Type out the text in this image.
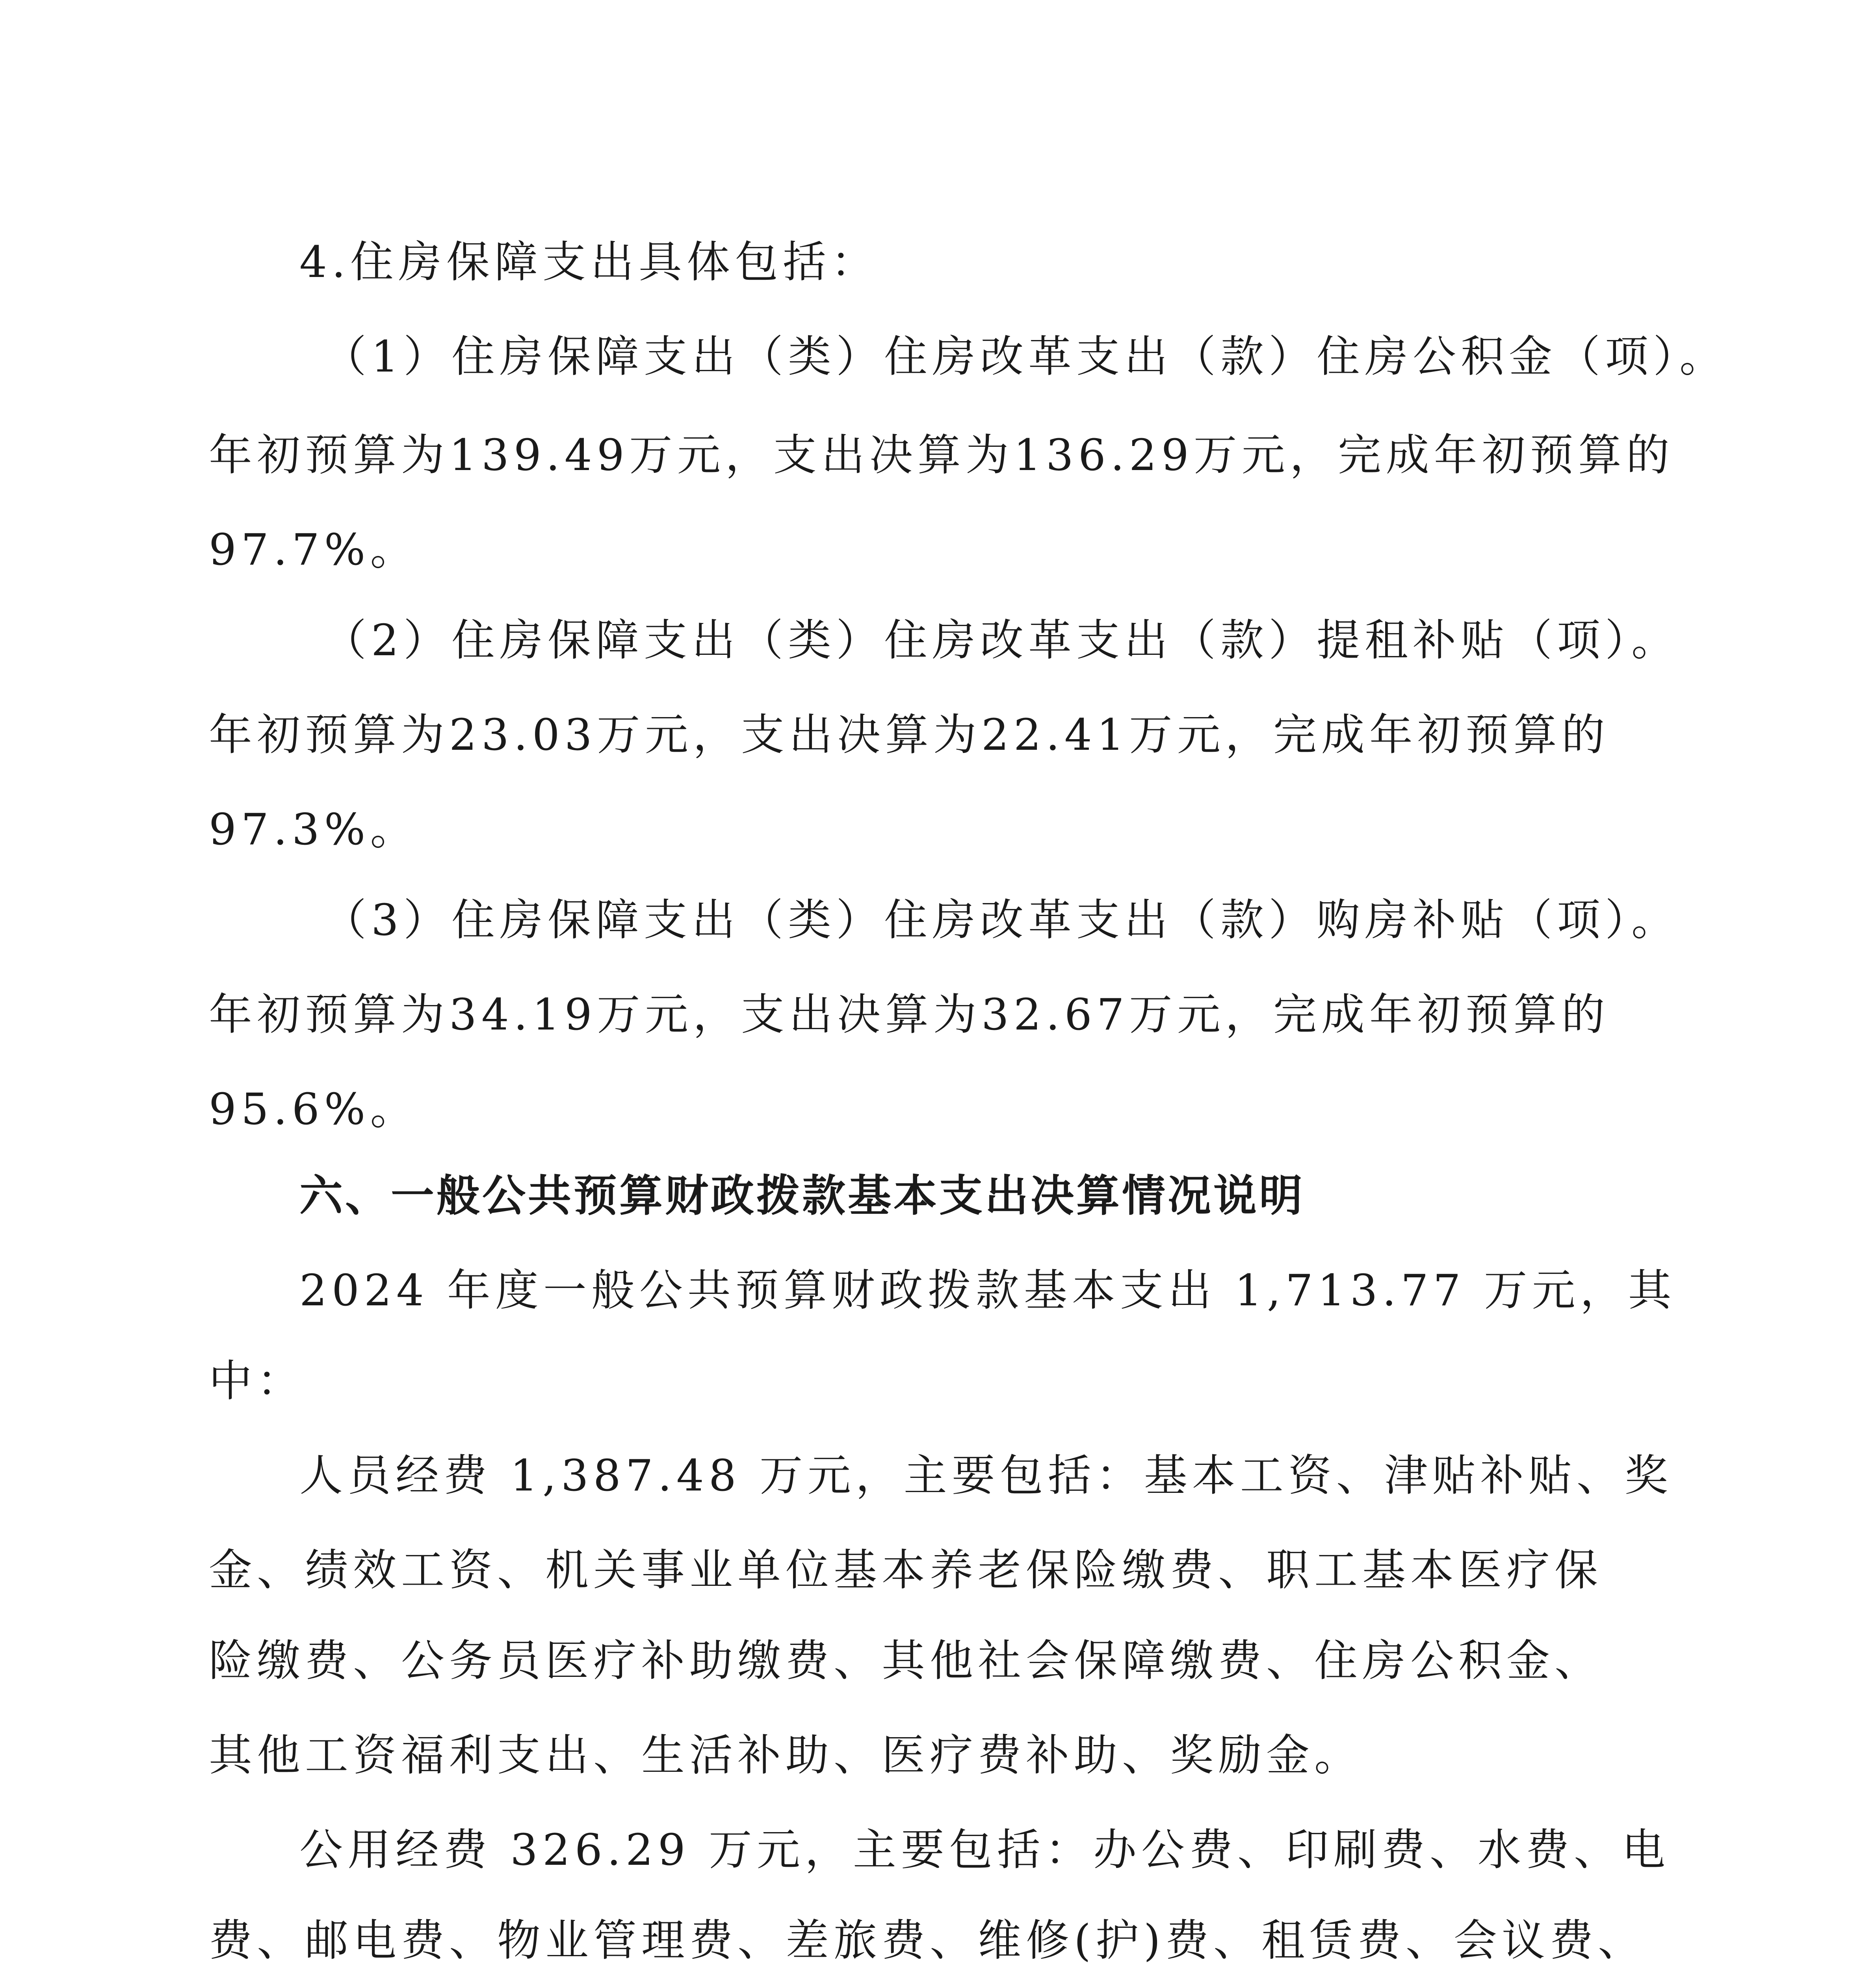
4.住房保障支出具体包括：
（1）住房保障支出（类）住房改革支出（款）住房公积金（项）。
年初预算为139.49万元，支出决算为136.29万元，完成年初预算的
97.7%。
（2）住房保障支出（类）住房改革支出（款）提租补贴（项）。
年初预算为23.03万元，支出决算为22.41万元，完成年初预算的
97.3%。
（3）住房保障支出（类）住房改革支出（款）购房补贴（项）。
年初预算为34.19万元，支出决算为32.67万元，完成年初预算的
95.6%。
六、一般公共预算财政拨款基本支出决算情况说明
2024 年度一般公共预算财政拨款基本支出 1,713.77 万元，其
中：
人员经费 1,387.48 万元，主要包括：基本工资、津贴补贴、奖
金、绩效工资、机关事业单位基本养老保险缴费、职工基本医疗保
险缴费、公务员医疗补助缴费、其他社会保障缴费、住房公积金、
其他工资福利支出、生活补助、医疗费补助、奖励金。
公用经费 326.29 万元，主要包括：办公费、印刷费、水费、电
费、邮电费、物业管理费、差旅费、维修(护)费、租赁费、会议费、
